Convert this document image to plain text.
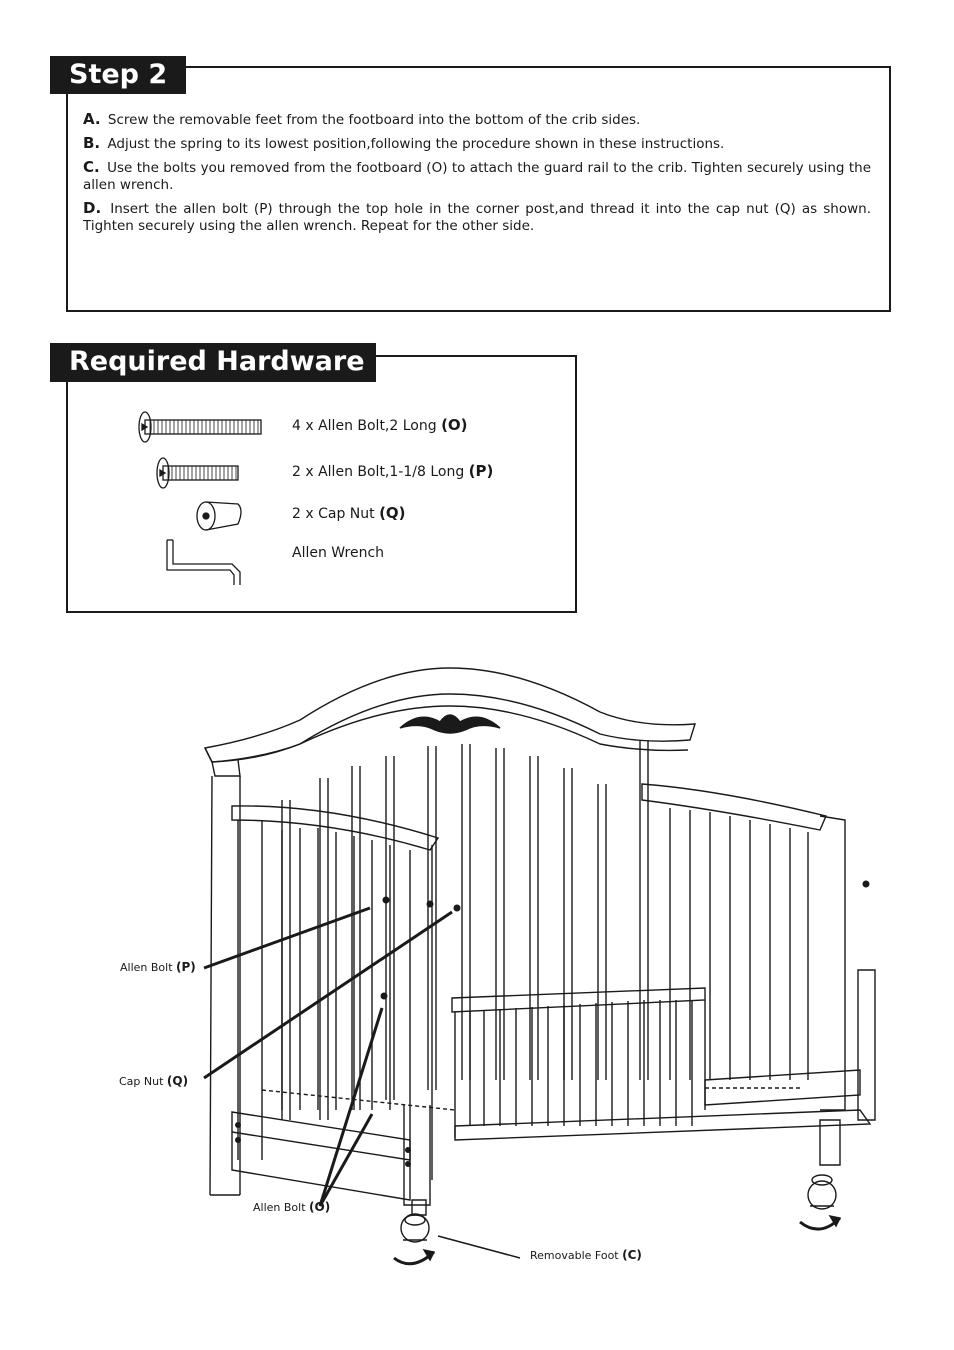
Step 2
A. Screw the removable feet from the footboard into the bottom of the crib sides.
B. Adjust the spring to its lowest position,following the procedure shown in these instructions.
C. Use the bolts you removed from the footboard (O) to attach the guard rail to the crib. Tighten securely using the allen wrench.
D. Insert the allen bolt (P) through the top hole in the corner post,and thread it into the cap nut (Q) as shown. Tighten securely using the allen wrench. Repeat for the other side.
Required Hardware
4 x Allen Bolt,2 Long (O)
2 x Allen Bolt,1-1/8 Long (P)
2 x Cap Nut (Q)
Allen Wrench
Allen Bolt (P)
Cap Nut (Q)
Allen Bolt (O)
Removable Foot (C)
